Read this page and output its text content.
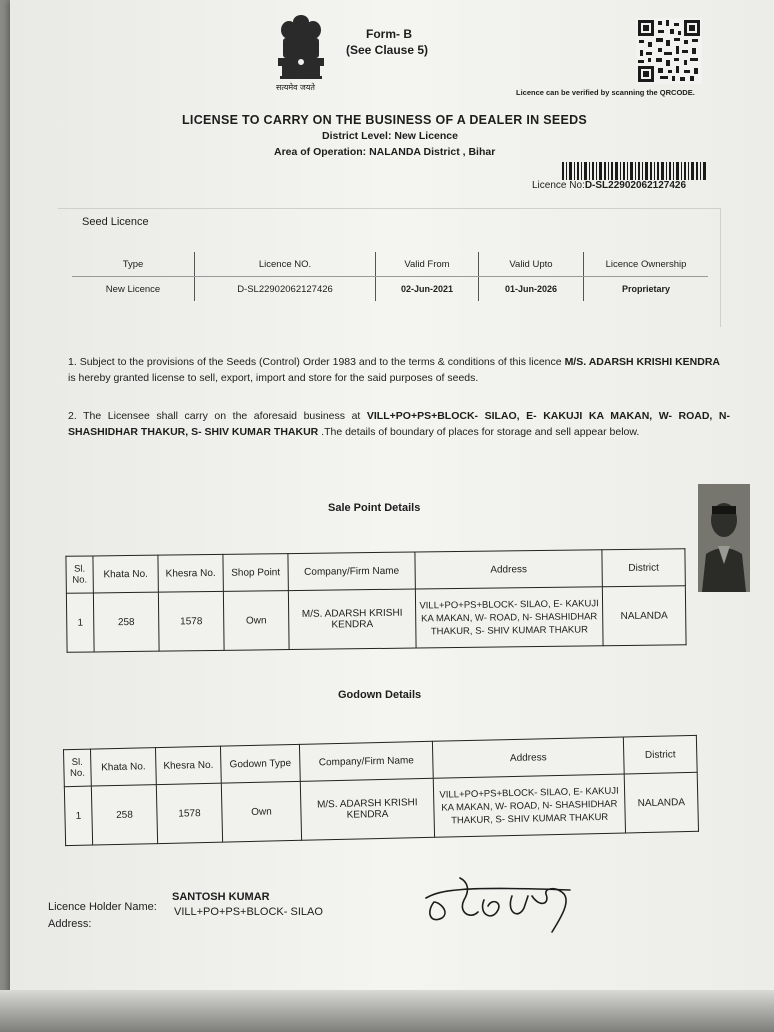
सत्यमेव जयते
Form- B
(See Clause 5)
Licence can be verified by scanning the QRCODE.
LICENSE TO CARRY ON THE BUSINESS OF A DEALER IN SEEDS
District Level: New Licence
Area of Operation: NALANDA District , Bihar
Licence No:D-SL22902062127426
Seed Licence
Type	Licence NO.	Valid From	Valid Upto	Licence Ownership
New Licence	D-SL22902062127426	02-Jun-2021	01-Jun-2026	Proprietary
1. Subject to the provisions of the Seeds (Control) Order 1983 and to the terms & conditions of this licence M/S. ADARSH KRISHI KENDRA is hereby granted license to sell, export, import and store for the said purposes of seeds.
2. The Licensee shall carry on the aforesaid business at VILL+PO+PS+BLOCK- SILAO, E- KAKUJI KA MAKAN, W- ROAD, N- SHASHIDHAR THAKUR, S- SHIV KUMAR THAKUR .The details of boundary of places for storage and sell appear below.
Sale Point Details
Sl. No.	Khata No.	Khesra No.	Shop Point	Company/Firm Name	Address	District
1	258	1578	Own	M/S. ADARSH KRISHI KENDRA	VILL+PO+PS+BLOCK- SILAO, E- KAKUJI KA MAKAN, W- ROAD, N- SHASHIDHAR THAKUR, S- SHIV KUMAR THAKUR	NALANDA
Godown Details
Sl. No.	Khata No.	Khesra No.	Godown Type	Company/Firm Name	Address	District
1	258	1578	Own	M/S. ADARSH KRISHI KENDRA	VILL+PO+PS+BLOCK- SILAO, E- KAKUJI KA MAKAN, W- ROAD, N- SHASHIDHAR THAKUR, S- SHIV KUMAR THAKUR	NALANDA
Licence Holder Name:
SANTOSH KUMAR
Address:
VILL+PO+PS+BLOCK- SILAO
